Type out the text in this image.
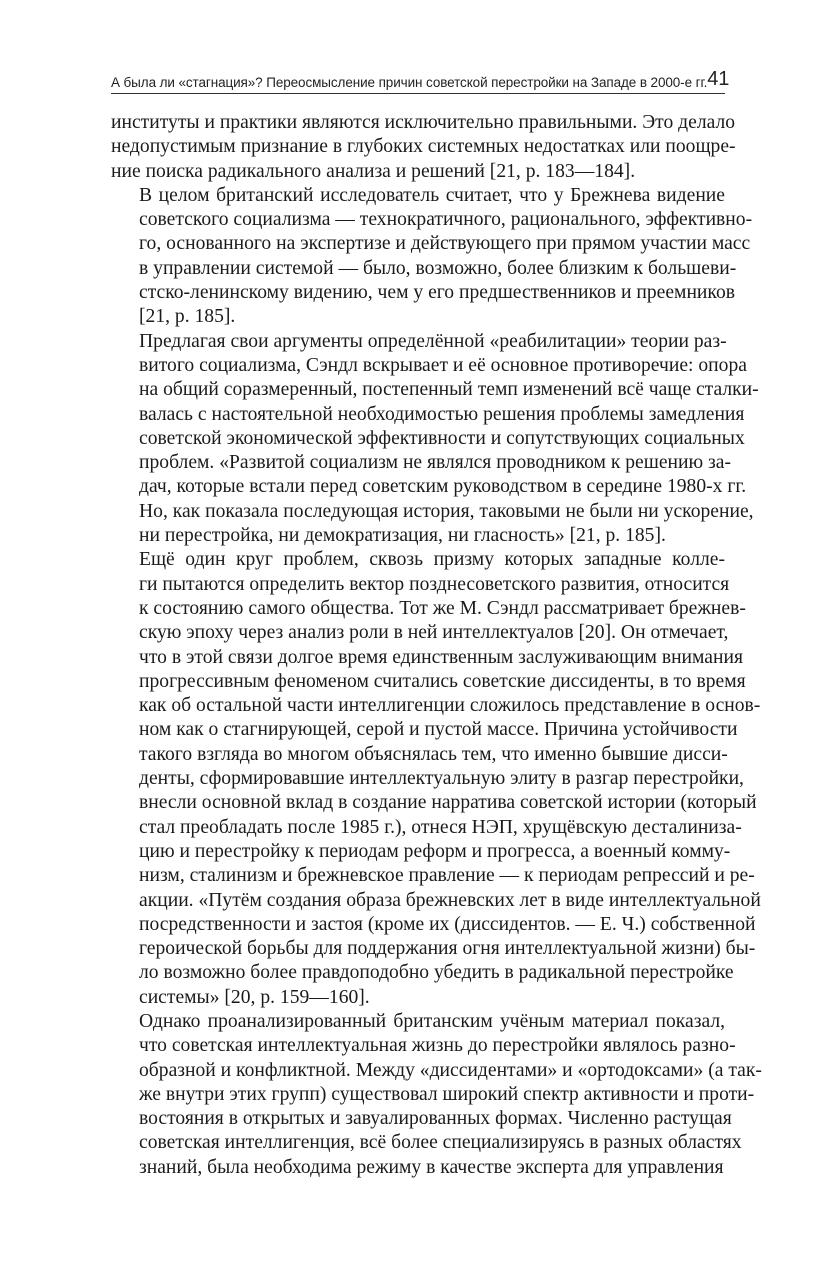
А была ли «стагнация»? Переосмысление причин советской перестройки на Западе в 2000-е гг. 41

институты и практики являются исключительно правильными. Это делало
недопустимым признание в глубоких системных недостатках или поощре-
ние поиска радикального анализа и решений [21, p. 183—184].

В целом британский исследователь считает, что у Брежнева видение
советского социализма — технократичного, рационального, эффективно-
го, основанного на экспертизе и действующего при прямом участии масс
в управлении системой — было, возможно, более близким к большеви-
стско-ленинскому видению, чем у его предшественников и преемников
[21, p. 185].

Предлагая свои аргументы определённой «реабилитации» теории раз-
витого социализма, Сэндл вскрывает и её основное противоречие: опора
на общий соразмеренный, постепенный темп изменений всё чаще сталки-
валась с настоятельной необходимостью решения проблемы замедления
советской экономической эффективности и сопутствующих социальных
проблем. «Развитой социализм не являлся проводником к решению за-
дач, которые встали перед советским руководством в середине 1980-х гг.
Но, как показала последующая история, таковыми не были ни ускорение,
ни перестройка, ни демократизация, ни гласность» [21, p. 185].

Ещё один круг проблем, сквозь призму которых западные колле-
ги пытаются определить вектор позднесоветского развития, относится
к состоянию самого общества. Тот же М. Сэндл рассматривает брежнев-
скую эпоху через анализ роли в ней интеллектуалов [20]. Он отмечает,
что в этой связи долгое время единственным заслуживающим внимания
прогрессивным феноменом считались советские диссиденты, в то время
как об остальной части интеллигенции сложилось представление в основ-
ном как о стагнирующей, серой и пустой массе. Причина устойчивости
такого взгляда во многом объяснялась тем, что именно бывшие дисси-
денты, сформировавшие интеллектуальную элиту в разгар перестройки,
внесли основной вклад в создание нарратива советской истории (который
стал преобладать после 1985 г.), отнеся НЭП, хрущёвскую десталиниза-
цию и перестройку к периодам реформ и прогресса, а военный комму-
низм, сталинизм и брежневское правление — к периодам репрессий и ре-
акции. «Путём создания образа брежневских лет в виде интеллектуальной
посредственности и застоя (кроме их (диссидентов. — Е. Ч.) собственной
героической борьбы для поддержания огня интеллектуальной жизни) бы-
ло возможно более правдоподобно убедить в радикальной перестройке
системы» [20, p. 159—160].

Однако проанализированный британским учёным материал показал,
что советская интеллектуальная жизнь до перестройки являлось разно-
образной и конфликтной. Между «диссидентами» и «ортодоксами» (а так-
же внутри этих групп) существовал широкий спектр активности и проти-
востояния в открытых и завуалированных формах. Численно растущая
советская интеллигенция, всё более специализируясь в разных областях
знаний, была необходима режиму в качестве эксперта для управления
